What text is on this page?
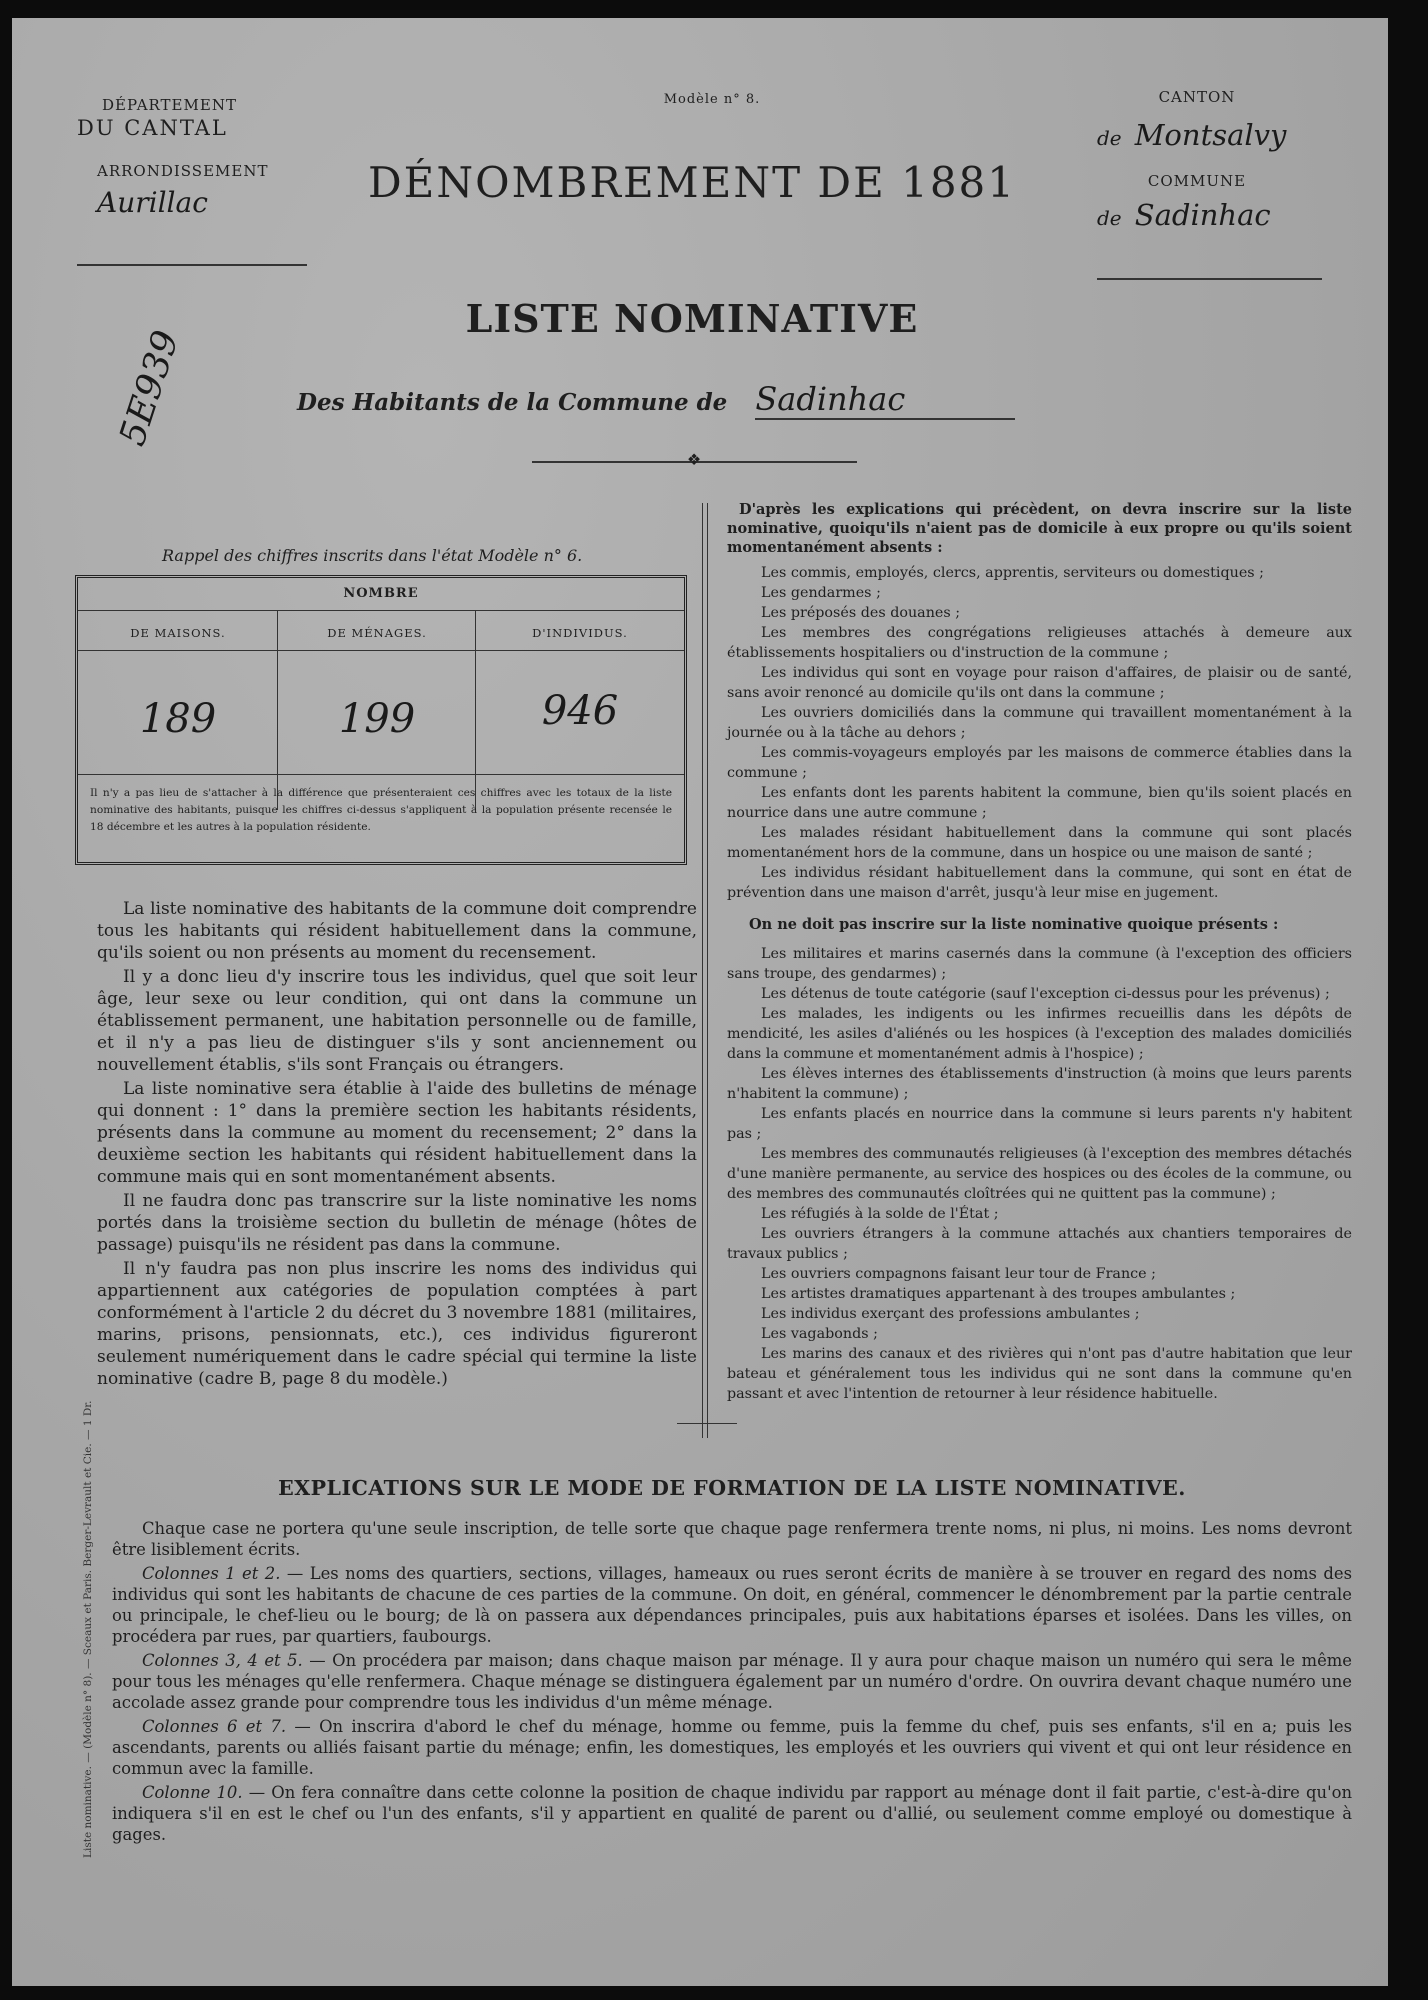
DÉPARTEMENT
DU CANTAL
ARRONDISSEMENT
Aurillac
Modèle n° 8.	CANTON
de Montsalvy
COMMUNE
de Sadinhac
DÉNOMBREMENT DE 1881
LISTE NOMINATIVE
Des Habitants de la Commune de Sadinhac
❖
5E939
Rappel des chiffres inscrits dans l'état Modèle n° 6.
NOMBRE
DE MAISONS.	DE MÉNAGES.	D'INDIVIDUS.
189	199	946
Il n'y a pas lieu de s'attacher à la différence que présenteraient ces chiffres avec les totaux de la liste nominative des habitants, puisque les chiffres ci-dessus s'appliquent à la population présente recensée le 18 décembre et les autres à la population résidente.

La liste nominative des habitants de la commune doit comprendre tous les habitants qui résident habituellement dans la commune, qu'ils soient ou non présents au moment du recensement.

Il y a donc lieu d'y inscrire tous les individus, quel que soit leur âge, leur sexe ou leur condition, qui ont dans la commune un établissement permanent, une habitation personnelle ou de famille, et il n'y a pas lieu de distinguer s'ils y sont anciennement ou nouvellement établis, s'ils sont Français ou étrangers.

La liste nominative sera établie à l'aide des bulletins de ménage qui donnent : 1° dans la première section les habitants résidents, présents dans la commune au moment du recensement; 2° dans la deuxième section les habitants qui résident habituellement dans la commune mais qui en sont momentanément absents.

Il ne faudra donc pas transcrire sur la liste nominative les noms portés dans la troisième section du bulletin de ménage (hôtes de passage) puisqu'ils ne résident pas dans la commune.

Il n'y faudra pas non plus inscrire les noms des individus qui appartiennent aux catégories de population comptées à part conformément à l'article 2 du décret du 3 novembre 1881 (militaires, marins, prisons, pensionnats, etc.), ces individus figureront seulement numériquement dans le cadre spécial qui termine la liste nominative (cadre B, page 8 du modèle.)

D'après les explications qui précèdent, on devra inscrire sur la liste nominative, quoiqu'ils n'aient pas de domicile à eux propre ou qu'ils soient momentanément absents :

Les commis, employés, clercs, apprentis, serviteurs ou domestiques ;

Les gendarmes ;

Les préposés des douanes ;

Les membres des congrégations religieuses attachés à demeure aux établissements hospitaliers ou d'instruction de la commune ;

Les individus qui sont en voyage pour raison d'affaires, de plaisir ou de santé, sans avoir renoncé au domicile qu'ils ont dans la commune ;

Les ouvriers domiciliés dans la commune qui travaillent momentanément à la journée ou à la tâche au dehors ;

Les commis-voyageurs employés par les maisons de commerce établies dans la commune ;

Les enfants dont les parents habitent la commune, bien qu'ils soient placés en nourrice dans une autre commune ;

Les malades résidant habituellement dans la commune qui sont placés momentanément hors de la commune, dans un hospice ou une maison de santé ;

Les individus résidant habituellement dans la commune, qui sont en état de prévention dans une maison d'arrêt, jusqu'à leur mise en jugement.

On ne doit pas inscrire sur la liste nominative quoique présents :

Les militaires et marins casernés dans la commune (à l'exception des officiers sans troupe, des gendarmes) ;

Les détenus de toute catégorie (sauf l'exception ci-dessus pour les prévenus) ;

Les malades, les indigents ou les infirmes recueillis dans les dépôts de mendicité, les asiles d'aliénés ou les hospices (à l'exception des malades domiciliés dans la commune et momentanément admis à l'hospice) ;

Les élèves internes des établissements d'instruction (à moins que leurs parents n'habitent la commune) ;

Les enfants placés en nourrice dans la commune si leurs parents n'y habitent pas ;

Les membres des communautés religieuses (à l'exception des membres détachés d'une manière permanente, au service des hospices ou des écoles de la commune, ou des membres des communautés cloîtrées qui ne quittent pas la commune) ;

Les réfugiés à la solde de l'État ;

Les ouvriers étrangers à la commune attachés aux chantiers temporaires de travaux publics ;

Les ouvriers compagnons faisant leur tour de France ;

Les artistes dramatiques appartenant à des troupes ambulantes ;

Les individus exerçant des professions ambulantes ;

Les vagabonds ;

Les marins des canaux et des rivières qui n'ont pas d'autre habitation que leur bateau et généralement tous les individus qui ne sont dans la commune qu'en passant et avec l'intention de retourner à leur résidence habituelle.

EXPLICATIONS SUR LE MODE DE FORMATION DE LA LISTE NOMINATIVE.

Chaque case ne portera qu'une seule inscription, de telle sorte que chaque page renfermera trente noms, ni plus, ni moins. Les noms devront être lisiblement écrits.

Colonnes 1 et 2. — Les noms des quartiers, sections, villages, hameaux ou rues seront écrits de manière à se trouver en regard des noms des individus qui sont les habitants de chacune de ces parties de la commune. On doit, en général, commencer le dénombrement par la partie centrale ou principale, le chef-lieu ou le bourg; de là on passera aux dépendances principales, puis aux habitations éparses et isolées. Dans les villes, on procédera par rues, par quartiers, faubourgs.

Colonnes 3, 4 et 5. — On procédera par maison; dans chaque maison par ménage. Il y aura pour chaque maison un numéro qui sera le même pour tous les ménages qu'elle renfermera. Chaque ménage se distinguera également par un numéro d'ordre. On ouvrira devant chaque numéro une accolade assez grande pour comprendre tous les individus d'un même ménage.

Colonnes 6 et 7. — On inscrira d'abord le chef du ménage, homme ou femme, puis la femme du chef, puis ses enfants, s'il en a; puis les ascendants, parents ou alliés faisant partie du ménage; enfin, les domestiques, les employés et les ouvriers qui vivent et qui ont leur résidence en commun avec la famille.

Colonne 10. — On fera connaître dans cette colonne la position de chaque individu par rapport au ménage dont il fait partie, c'est-à-dire qu'on indiquera s'il en est le chef ou l'un des enfants, s'il y appartient en qualité de parent ou d'allié, ou seulement comme employé ou domestique à gages.

Liste nominative. — (Modèle n° 8). — Sceaux et Paris. Berger-Levrault et Cie. — 1 Dr.
